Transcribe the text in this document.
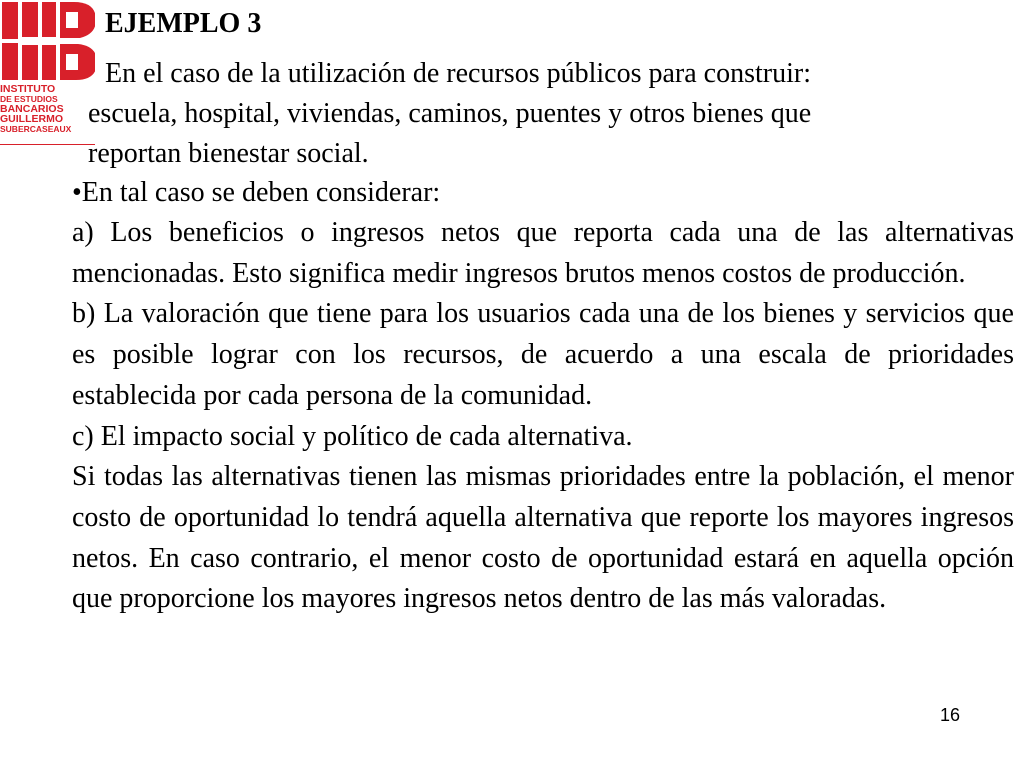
INSTITUTO
DE ESTUDIOS
BANCARIOS
GUILLERMO
SUBERCASEAUX
EJEMPLO 3
En el caso de la utilización de recursos públicos para construir:
escuela, hospital, viviendas, caminos, puentes y otros bienes que
reportan bienestar social.
•En tal caso se deben considerar:

a) Los beneficios o ingresos netos que reporta cada una de las alternativas mencionadas. Esto significa medir ingresos brutos menos costos de producción.

b) La valoración que tiene para los usuarios cada una de los bienes y servicios que es posible lograr con los recursos, de acuerdo a una escala de prioridades establecida por cada persona de la comunidad.

c) El impacto social y político de cada alternativa.

Si todas las alternativas tienen las mismas prioridades entre la población, el menor costo de oportunidad lo tendrá aquella alternativa que reporte los mayores ingresos netos. En caso contrario, el menor costo de oportunidad estará en aquella opción que proporcione los mayores ingresos netos dentro de las más valoradas.

16
